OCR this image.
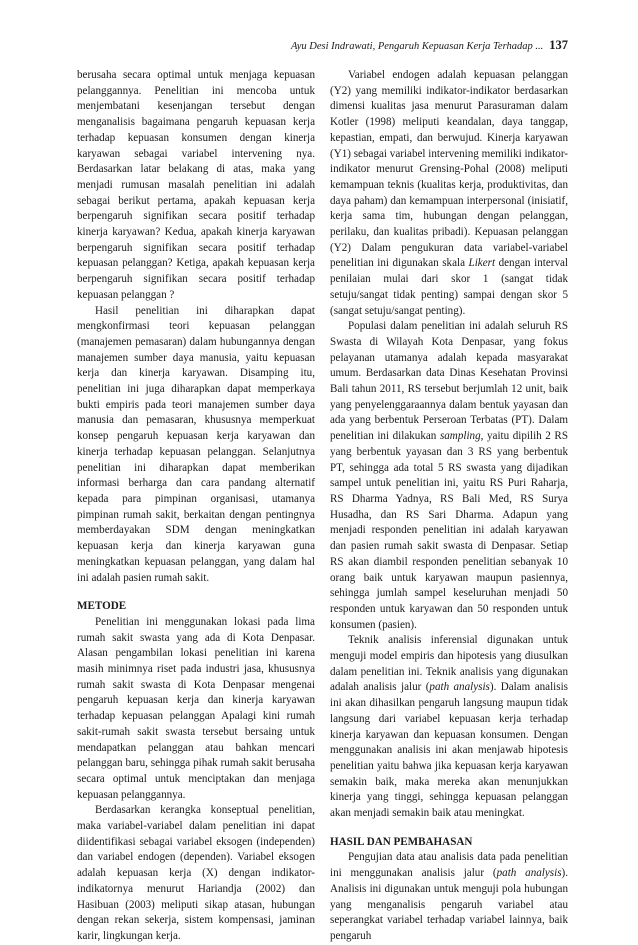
Ayu Desi Indrawati, Pengaruh Kepuasan Kerja Terhadap ... 137

berusaha secara optimal untuk menjaga kepuasan pelanggannya. Penelitian ini mencoba untuk menjembatani kesenjangan tersebut dengan menganalisis bagaimana pengaruh kepuasan kerja terhadap kepuasan konsumen dengan kinerja karyawan sebagai variabel intervening nya. Berdasarkan latar belakang di atas, maka yang menjadi rumusan masalah penelitian ini adalah sebagai berikut pertama, apakah kepuasan kerja berpengaruh signifikan secara positif terhadap kinerja karyawan? Kedua, apakah kinerja karyawan berpengaruh signifikan secara positif terhadap kepuasan pelanggan? Ketiga, apakah kepuasan kerja berpengaruh signifikan secara positif terhadap kepuasan pelanggan ?

Hasil penelitian ini diharapkan dapat mengkonfirmasi teori kepuasan pelanggan (manajemen pemasaran) dalam hubungannya dengan manajemen sumber daya manusia, yaitu kepuasan kerja dan kinerja karyawan. Disamping itu, penelitian ini juga diharapkan dapat memperkaya bukti empiris pada teori manajemen sumber daya manusia dan pemasaran, khususnya memperkuat konsep pengaruh kepuasan kerja karyawan dan kinerja terhadap kepuasan pelanggan. Selanjutnya penelitian ini diharapkan dapat memberikan informasi berharga dan cara pandang alternatif kepada para pimpinan organisasi, utamanya pimpinan rumah sakit, berkaitan dengan pentingnya memberdayakan SDM dengan meningkatkan kepuasan kerja dan kinerja karyawan guna meningkatkan kepuasan pelanggan, yang dalam hal ini adalah pasien rumah sakit.

METODE

Penelitian ini menggunakan lokasi pada lima rumah sakit swasta yang ada di Kota Denpasar. Alasan pengambilan lokasi penelitian ini karena masih minimnya riset pada industri jasa, khususnya rumah sakit swasta di Kota Denpasar mengenai pengaruh kepuasan kerja dan kinerja karyawan terhadap kepuasan pelanggan Apalagi kini rumah sakit-rumah sakit swasta tersebut bersaing untuk mendapatkan pelanggan atau bahkan mencari pelanggan baru, sehingga pihak rumah sakit berusaha secara optimal untuk menciptakan dan menjaga kepuasan pelanggannya.

Berdasarkan kerangka konseptual penelitian, maka variabel-variabel dalam penelitian ini dapat diidentifikasi sebagai variabel eksogen (independen) dan variabel endogen (dependen). Variabel eksogen adalah kepuasan kerja (X) dengan indikator-indikatornya menurut Hariandja (2002) dan Hasibuan (2003) meliputi sikap atasan, hubungan dengan rekan sekerja, sistem kompensasi, jaminan karir, lingkungan kerja.

Variabel endogen adalah kepuasan pelanggan (Y2) yang memiliki indikator-indikator berdasarkan dimensi kualitas jasa menurut Parasuraman dalam Kotler (1998) meliputi keandalan, daya tanggap, kepastian, empati, dan berwujud. Kinerja karyawan (Y1) sebagai variabel intervening memiliki indikator-indikator menurut Grensing-Pohal (2008) meliputi kemampuan teknis (kualitas kerja, produktivitas, dan daya paham) dan kemampuan interpersonal (inisiatif, kerja sama tim, hubungan dengan pelanggan, perilaku, dan kualitas pribadi). Kepuasan pelanggan (Y2) Dalam pengukuran data variabel-variabel penelitian ini digunakan skala Likert dengan interval penilaian mulai dari skor 1 (sangat tidak setuju/sangat tidak penting) sampai dengan skor 5 (sangat setuju/sangat penting).

Populasi dalam penelitian ini adalah seluruh RS Swasta di Wilayah Kota Denpasar, yang fokus pelayanan utamanya adalah kepada masyarakat umum. Berdasarkan data Dinas Kesehatan Provinsi Bali tahun 2011, RS tersebut berjumlah 12 unit, baik yang penyelenggaraannya dalam bentuk yayasan dan ada yang berbentuk Perseroan Terbatas (PT). Dalam penelitian ini dilakukan sampling, yaitu dipilih 2 RS yang berbentuk yayasan dan 3 RS yang berbentuk PT, sehingga ada total 5 RS swasta yang dijadikan sampel untuk penelitian ini, yaitu RS Puri Raharja, RS Dharma Yadnya, RS Bali Med, RS Surya Husadha, dan RS Sari Dharma. Adapun yang menjadi responden penelitian ini adalah karyawan dan pasien rumah sakit swasta di Denpasar. Setiap RS akan diambil responden penelitian sebanyak 10 orang baik untuk karyawan maupun pasiennya, sehingga jumlah sampel keseluruhan menjadi 50 responden untuk karyawan dan 50 responden untuk konsumen (pasien).

Teknik analisis inferensial digunakan untuk menguji model empiris dan hipotesis yang diusulkan dalam penelitian ini. Teknik analisis yang digunakan adalah analisis jalur (path analysis). Dalam analisis ini akan dihasilkan pengaruh langsung maupun tidak langsung dari variabel kepuasan kerja terhadap kinerja karyawan dan kepuasan konsumen. Dengan menggunakan analisis ini akan menjawab hipotesis penelitian yaitu bahwa jika kepuasan kerja karyawan semakin baik, maka mereka akan menunjukkan kinerja yang tinggi, sehingga kepuasan pelanggan akan menjadi semakin baik atau meningkat.

HASIL DAN PEMBAHASAN

Pengujian data atau analisis data pada penelitian ini menggunakan analisis jalur (path analysis). Analisis ini digunakan untuk menguji pola hubungan yang menganalisis pengaruh variabel atau seperangkat variabel terhadap variabel lainnya, baik pengaruh
